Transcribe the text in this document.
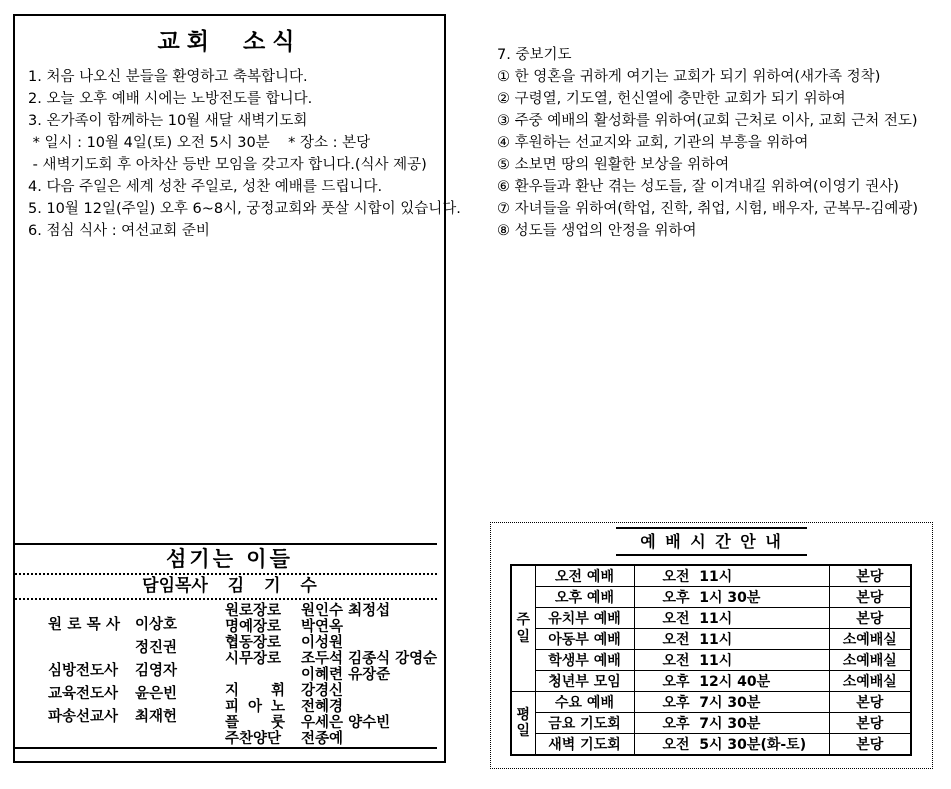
교회 소식
1. 처음 나오신 분들을 환영하고 축복합니다.
2. 오늘 오후 예배 시에는 노방전도를 합니다.
3. 온가족이 함께하는 10월 새달 새벽기도회
* 일시 : 10월 4일(토) 오전 5시 30분    * 장소 : 본당
- 새벽기도회 후 아차산 등반 모임을 갖고자 합니다.(식사 제공)
4. 다음 주일은 세계 성찬 주일로, 성찬 예배를 드립니다.
5. 10월 12일(주일) 오후 6~8시, 궁정교회와 풋살 시합이 있습니다.
6. 점심 식사 : 여선교회 준비
섬기는 이들
담임목사 김 기 수
원 로 목 사 이상호
정진권
심방전도사 김영자
교육전도사 윤은빈
파송선교사 최재헌
원로장로 원인수 최정섭
명예장로 박연옥
협동장로 이성원
시무장로 조두석 김종식 강영순
이혜련 유장준
지 휘 강경신
피 아 노 전혜경
플 룻 우세은 양수빈
주찬양단 전종예
7. 중보기도
① 한 영혼을 귀하게 여기는 교회가 되기 위하여(새가족 정착)
② 구령열, 기도열, 헌신열에 충만한 교회가 되기 위하여
③ 주중 예배의 활성화를 위하여(교회 근처로 이사, 교회 근처 전도)
④ 후원하는 선교지와 교회, 기관의 부흥을 위하여
⑤ 소보면 땅의 원활한 보상을 위하여
⑥ 환우들과 환난 겪는 성도들, 잘 이겨내길 위하여(이영기 권사)
⑦ 자녀들을 위하여(학업, 진학, 취업, 시험, 배우자, 군복무-김예광)
⑧ 성도들 생업의 안정을 위하여
예 배 시 간 안 내
주일	오전 예배	오전  11시	본당
	오후 예배	오후  1시 30분	본당
	유치부 예배	오전  11시	본당
	아동부 예배	오전  11시	소예배실
	학생부 예배	오전  11시	소예배실
	청년부 모임	오후  12시 40분	소예배실
평일	수요 예배	오후  7시 30분	본당
	금요 기도회	오후  7시 30분	본당
	새벽 기도회	오전  5시 30분(화-토)	본당
